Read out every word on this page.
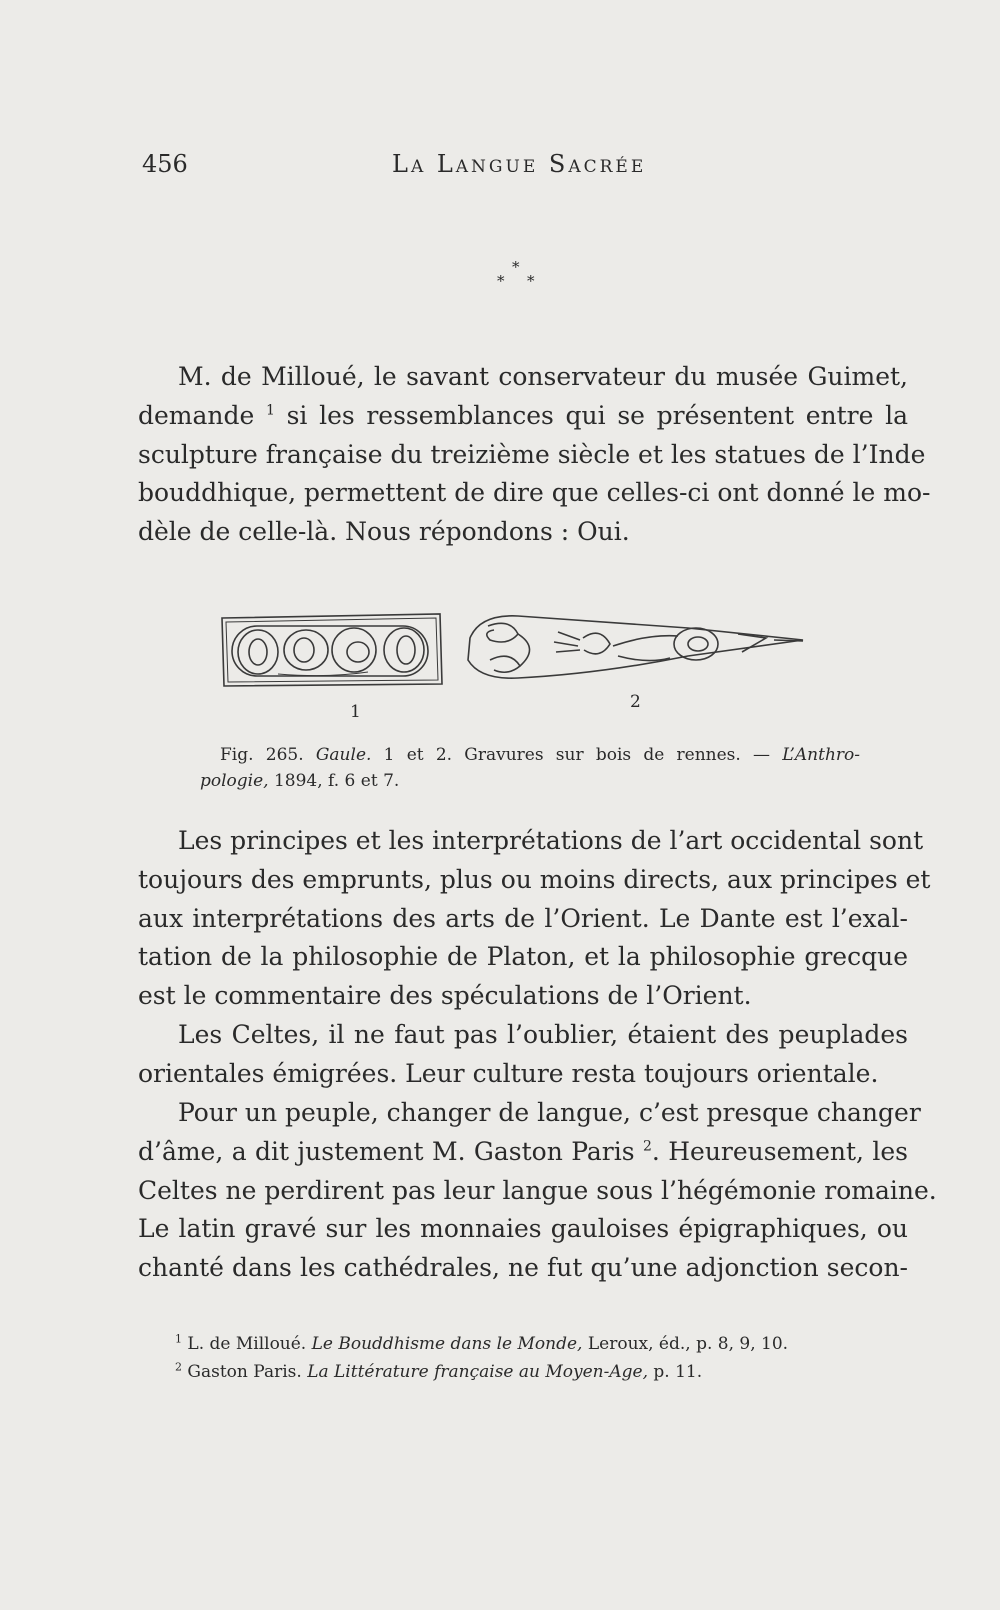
456	La Langue Sacrée
*
* *

M. de Milloué, le savant conservateur du musée Guimet,
demande $^1$ si les ressemblances qui se présentent entre la
sculpture française du treizième siècle et les statues de l’Inde
bouddhique, permettent de dire que celles-ci ont donné le mo-
dèle de celle-là. Nous répondons : Oui.

1	2

Fig. 265. Gaule. 1 et 2. Gravures sur bois de rennes. — L’Anthro-
pologie, 1894, f. 6 et 7.

Les principes et les interprétations de l’art occidental sont
toujours des emprunts, plus ou moins directs, aux principes et
aux interprétations des arts de l’Orient. Le Dante est l’exal-
tation de la philosophie de Platon, et la philosophie grecque
est le commentaire des spéculations de l’Orient.

Les Celtes, il ne faut pas l’oublier, étaient des peuplades
orientales émigrées. Leur culture resta toujours orientale.

Pour un peuple, changer de langue, c’est presque changer
d’âme, a dit justement M. Gaston Paris $^2$. Heureusement, les
Celtes ne perdirent pas leur langue sous l’hégémonie romaine.
Le latin gravé sur les monnaies gauloises épigraphiques, ou
chanté dans les cathédrales, ne fut qu’une adjonction secon-

$^1$ L. de Milloué. Le Bouddhisme dans le Monde, Leroux, éd., p. 8, 9, 10.
$^2$ Gaston Paris. La Littérature française au Moyen-Age, p. 11.
